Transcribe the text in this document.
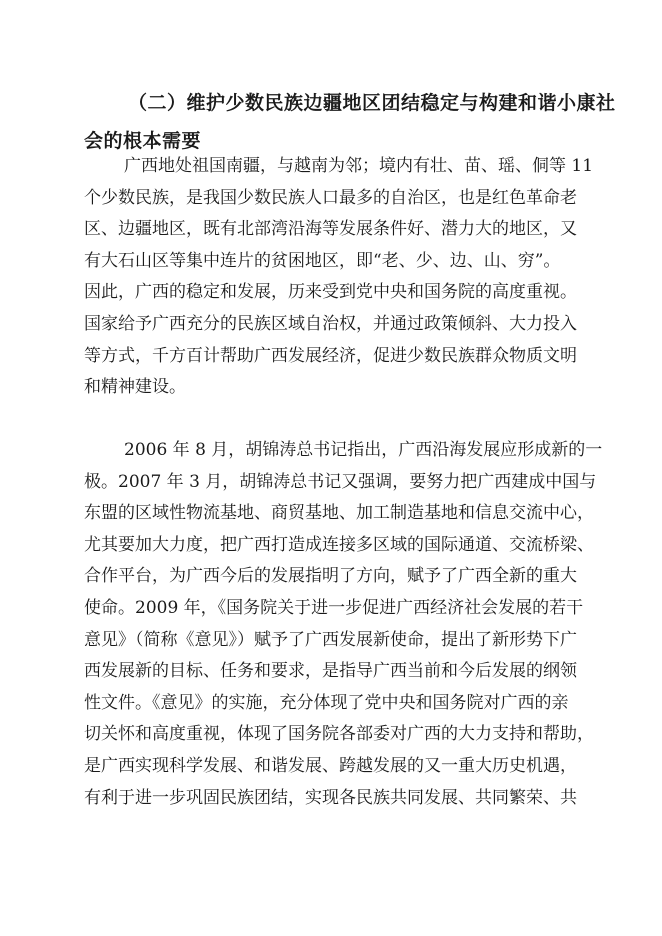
（二）维护少数民族边疆地区团结稳定与构建和谐小康社
会的根本需要

广西地处祖国南疆，与越南为邻；境内有壮、苗、瑶、侗等 11
个少数民族，是我国少数民族人口最多的自治区，也是红色革命老
区、边疆地区，既有北部湾沿海等发展条件好、潜力大的地区，又
有大石山区等集中连片的贫困地区，即“老、少、边、山、穷”。
因此，广西的稳定和发展，历来受到党中央和国务院的高度重视。
国家给予广西充分的民族区域自治权，并通过政策倾斜、大力投入
等方式，千方百计帮助广西发展经济，促进少数民族群众物质文明
和精神建设。

2006 年 8 月，胡锦涛总书记指出，广西沿海发展应形成新的一
极。2007 年 3 月，胡锦涛总书记又强调，要努力把广西建成中国与
东盟的区域性物流基地、商贸基地、加工制造基地和信息交流中心，
尤其要加大力度，把广西打造成连接多区域的国际通道、交流桥梁、
合作平台，为广西今后的发展指明了方向，赋予了广西全新的重大
使命。2009 年，《国务院关于进一步促进广西经济社会发展的若干
意见》（简称《意见》）赋予了广西发展新使命，提出了新形势下广
西发展新的目标、任务和要求，是指导广西当前和今后发展的纲领
性文件。《意见》的实施，充分体现了党中央和国务院对广西的亲
切关怀和高度重视，体现了国务院各部委对广西的大力支持和帮助，
是广西实现科学发展、和谐发展、跨越发展的又一重大历史机遇，
有利于进一步巩固民族团结，实现各民族共同发展、共同繁荣、共
